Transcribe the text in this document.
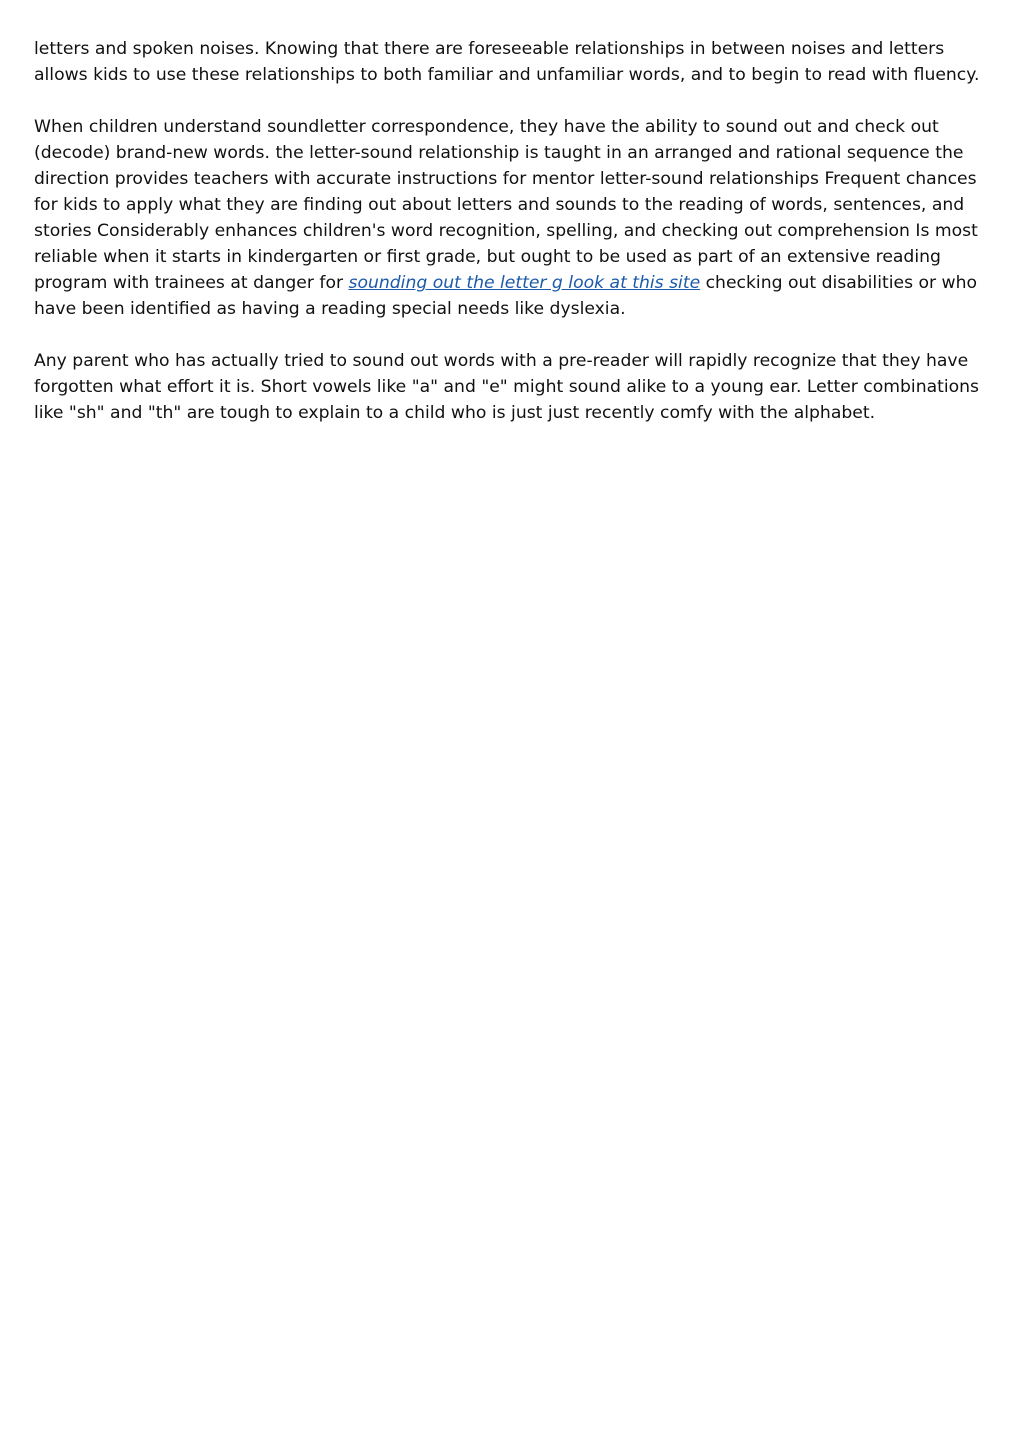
letters and spoken noises. Knowing that there are foreseeable relationships in between noises and letters allows kids to use these relationships to both familiar and unfamiliar words, and to begin to read with fluency.

When children understand soundletter correspondence, they have the ability to sound out and check out (decode) brand-new words. the letter-sound relationship is taught in an arranged and rational sequence the direction provides teachers with accurate instructions for mentor letter-sound relationships Frequent chances for kids to apply what they are finding out about letters and sounds to the reading of words, sentences, and stories Considerably enhances children's word recognition, spelling, and checking out comprehension Is most reliable when it starts in kindergarten or first grade, but ought to be used as part of an extensive reading program with trainees at danger for sounding out the letter g look at this site checking out disabilities or who have been identified as having a reading special needs like dyslexia.

Any parent who has actually tried to sound out words with a pre-reader will rapidly recognize that they have forgotten what effort it is. Short vowels like "a" and "e" might sound alike to a young ear. Letter combinations like "sh" and "th" are tough to explain to a child who is just just recently comfy with the alphabet.
